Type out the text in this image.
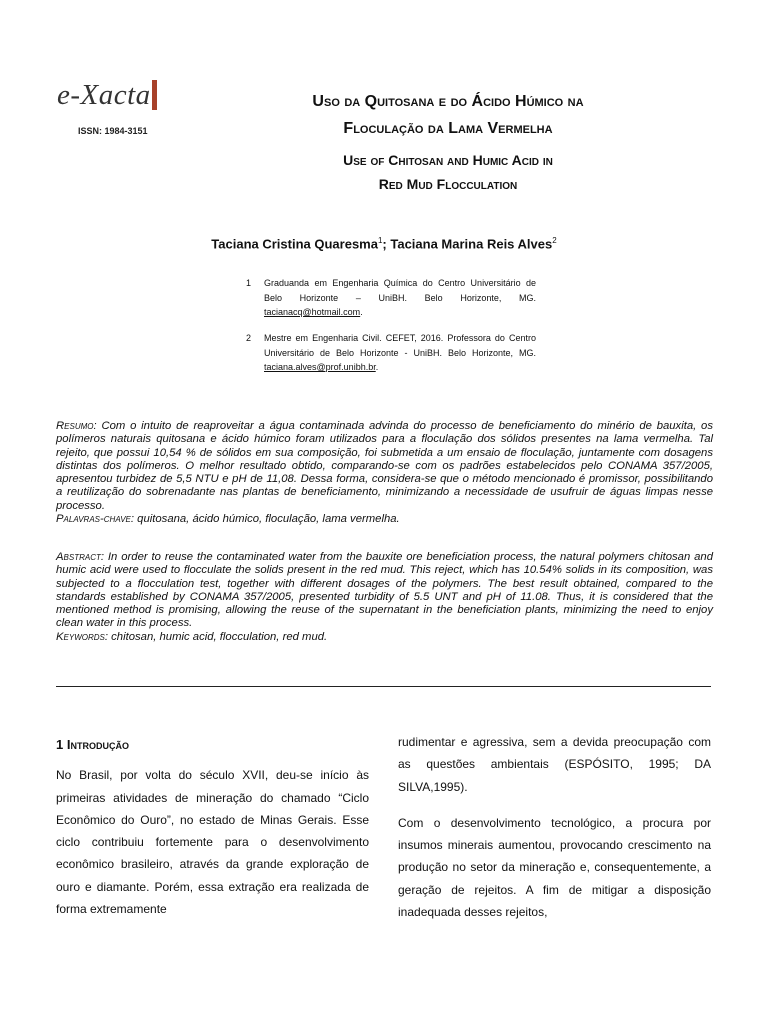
e-Xacta
ISSN: 1984-3151
Uso da Quitosana e do Ácido Húmico na
Floculação da Lama Vermelha
Use of Chitosan and Humic Acid in
Red Mud Flocculation
Taciana Cristina Quaresma$^1$; Taciana Marina Reis Alves$^2$
1 Graduanda em Engenharia Química do Centro Universitário de Belo Horizonte – UniBH. Belo Horizonte, MG. tacianacq@hotmail.com.
2 Mestre em Engenharia Civil. CEFET, 2016. Professora do Centro Universitário de Belo Horizonte - UniBH. Belo Horizonte, MG. taciana.alves@prof.unibh.br.
Resumo: Com o intuito de reaproveitar a água contaminada advinda do processo de beneficiamento do minério de bauxita, os polímeros naturais quitosana e ácido húmico foram utilizados para a floculação dos sólidos presentes na lama vermelha. Tal rejeito, que possui 10,54 % de sólidos em sua composição, foi submetida a um ensaio de floculação, juntamente com dosagens distintas dos polímeros. O melhor resultado obtido, comparando-se com os padrões estabelecidos pelo CONAMA 357/2005, apresentou turbidez de 5,5 NTU e pH de 11,08. Dessa forma, considera-se que o método mencionado é promissor, possibilitando a reutilização do sobrenadante nas plantas de beneficiamento, minimizando a necessidade de usufruir de águas limpas nesse processo.
Palavras-chave: quitosana, ácido húmico, floculação, lama vermelha.
Abstract: In order to reuse the contaminated water from the bauxite ore beneficiation process, the natural polymers chitosan and humic acid were used to flocculate the solids present in the red mud. This reject, which has 10.54% solids in its composition, was subjected to a flocculation test, together with different dosages of the polymers. The best result obtained, compared to the standards established by CONAMA 357/2005, presented turbidity of 5.5 UNT and pH of 11.08. Thus, it is considered that the mentioned method is promising, allowing the reuse of the supernatant in the beneficiation plants, minimizing the need to enjoy clean water in this process.
Keywords: chitosan, humic acid, flocculation, red mud.
1 Introdução

No Brasil, por volta do século XVII, deu-se início às primeiras atividades de mineração do chamado “Ciclo Econômico do Ouro”, no estado de Minas Gerais. Esse ciclo contribuiu fortemente para o desenvolvimento econômico brasileiro, através da grande exploração de ouro e diamante. Porém, essa extração era realizada de forma extremamente

rudimentar e agressiva, sem a devida preocupação com as questões ambientais (ESPÓSITO, 1995; DA SILVA,1995).

Com o desenvolvimento tecnológico, a procura por insumos minerais aumentou, provocando crescimento na produção no setor da mineração e, consequentemente, a geração de rejeitos. A fim de mitigar a disposição inadequada desses rejeitos,
